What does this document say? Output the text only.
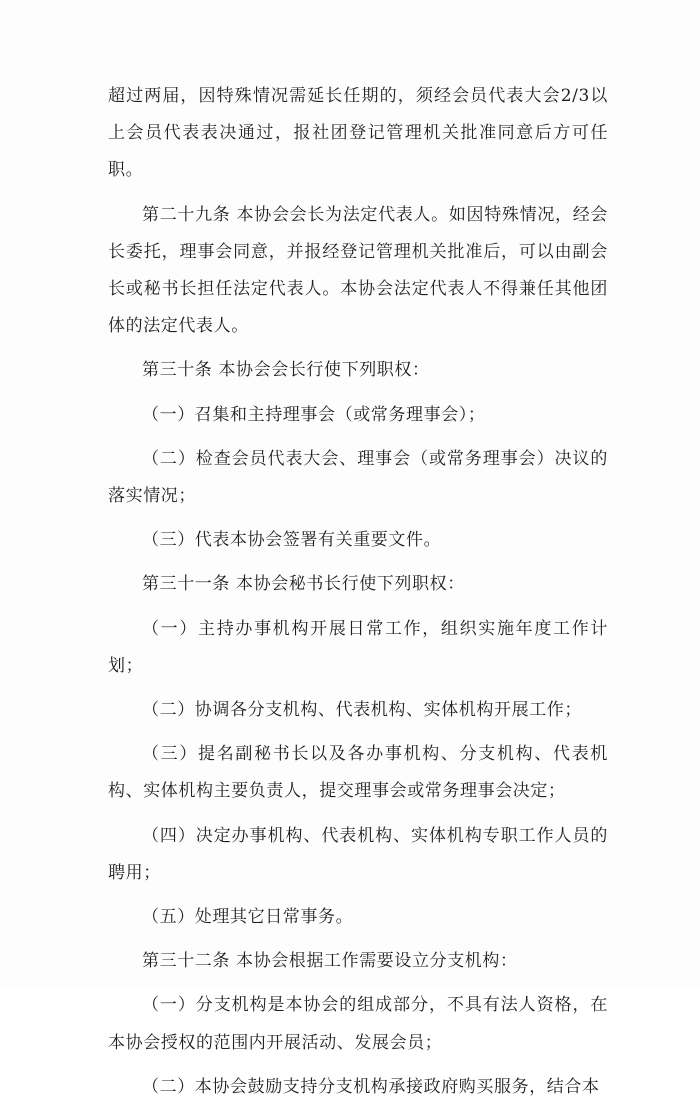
超过两届，因特殊情况需延长任期的，须经会员代表大会2/3以上会员代表表决通过，报社团登记管理机关批准同意后方可任职。

第二十九条 本协会会长为法定代表人。如因特殊情况，经会长委托，理事会同意，并报经登记管理机关批准后，可以由副会长或秘书长担任法定代表人。本协会法定代表人不得兼任其他团体的法定代表人。

第三十条 本协会会长行使下列职权：

（一）召集和主持理事会（或常务理事会）；

（二）检查会员代表大会、理事会（或常务理事会）决议的落实情况；

（三）代表本协会签署有关重要文件。

第三十一条 本协会秘书长行使下列职权：

（一）主持办事机构开展日常工作，组织实施年度工作计划；

（二）协调各分支机构、代表机构、实体机构开展工作；

（三）提名副秘书长以及各办事机构、分支机构、代表机构、实体机构主要负责人，提交理事会或常务理事会决定；

（四）决定办事机构、代表机构、实体机构专职工作人员的聘用；

（五）处理其它日常事务。

第三十二条 本协会根据工作需要设立分支机构：

（一）分支机构是本协会的组成部分，不具有法人资格，在本协会授权的范围内开展活动、发展会员；

（二）本协会鼓励支持分支机构承接政府购买服务，结合本
